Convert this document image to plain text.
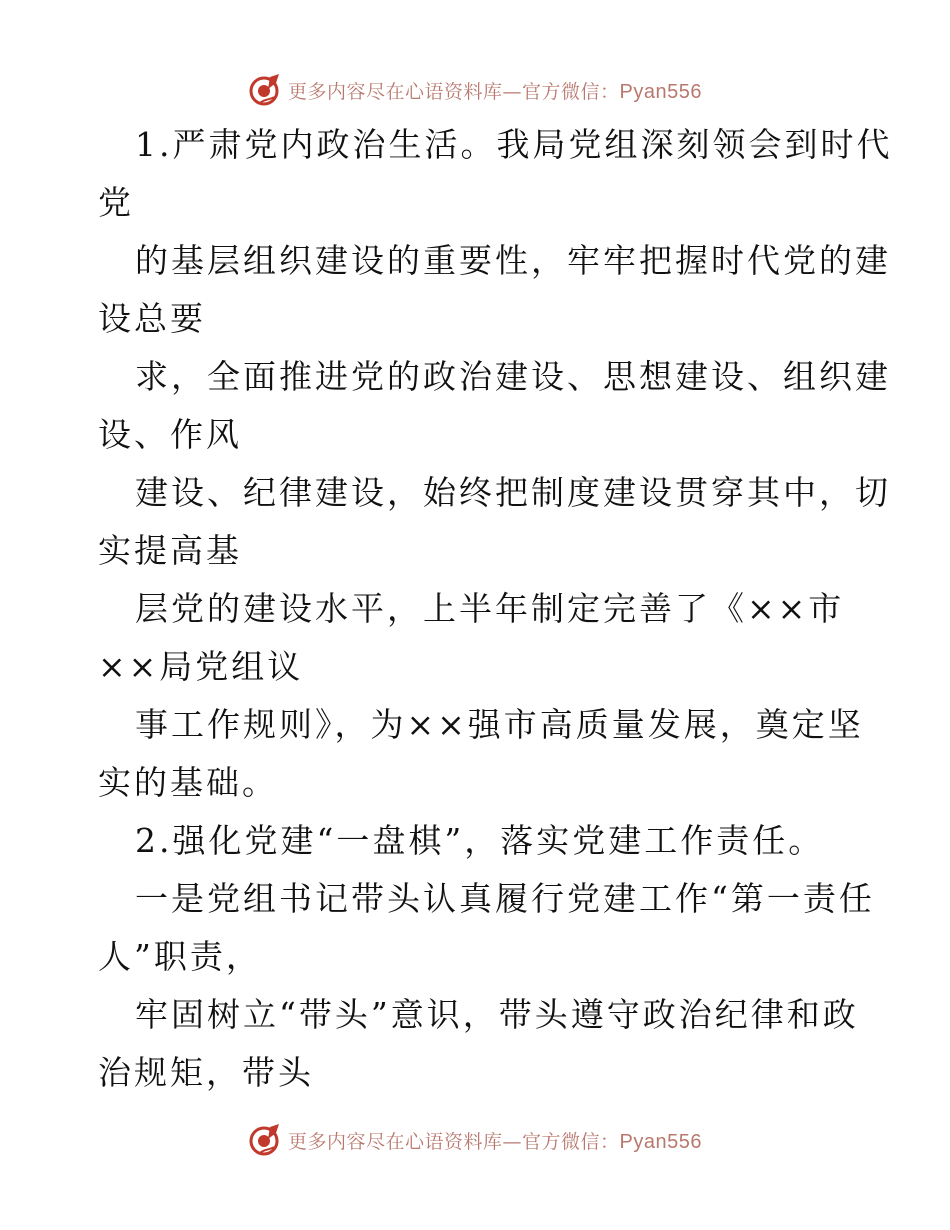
更多内容尽在心语资料库—官方微信：Pyan556
1.严肃党内政治生活。我局党组深刻领会到时代
党
的基层组织建设的重要性，牢牢把握时代党的建
设总要
求，全面推进党的政治建设、思想建设、组织建
设、作风
建设、纪律建设，始终把制度建设贯穿其中，切
实提高基
层党的建设水平，上半年制定完善了《××市
××局党组议
事工作规则》，为××强市高质量发展，奠定坚
实的基础。
2.强化党建“一盘棋”，落实党建工作责任。
一是党组书记带头认真履行党建工作“第一责任
人”职责，
牢固树立“带头”意识，带头遵守政治纪律和政
治规矩，带头
更多内容尽在心语资料库—官方微信：Pyan556
